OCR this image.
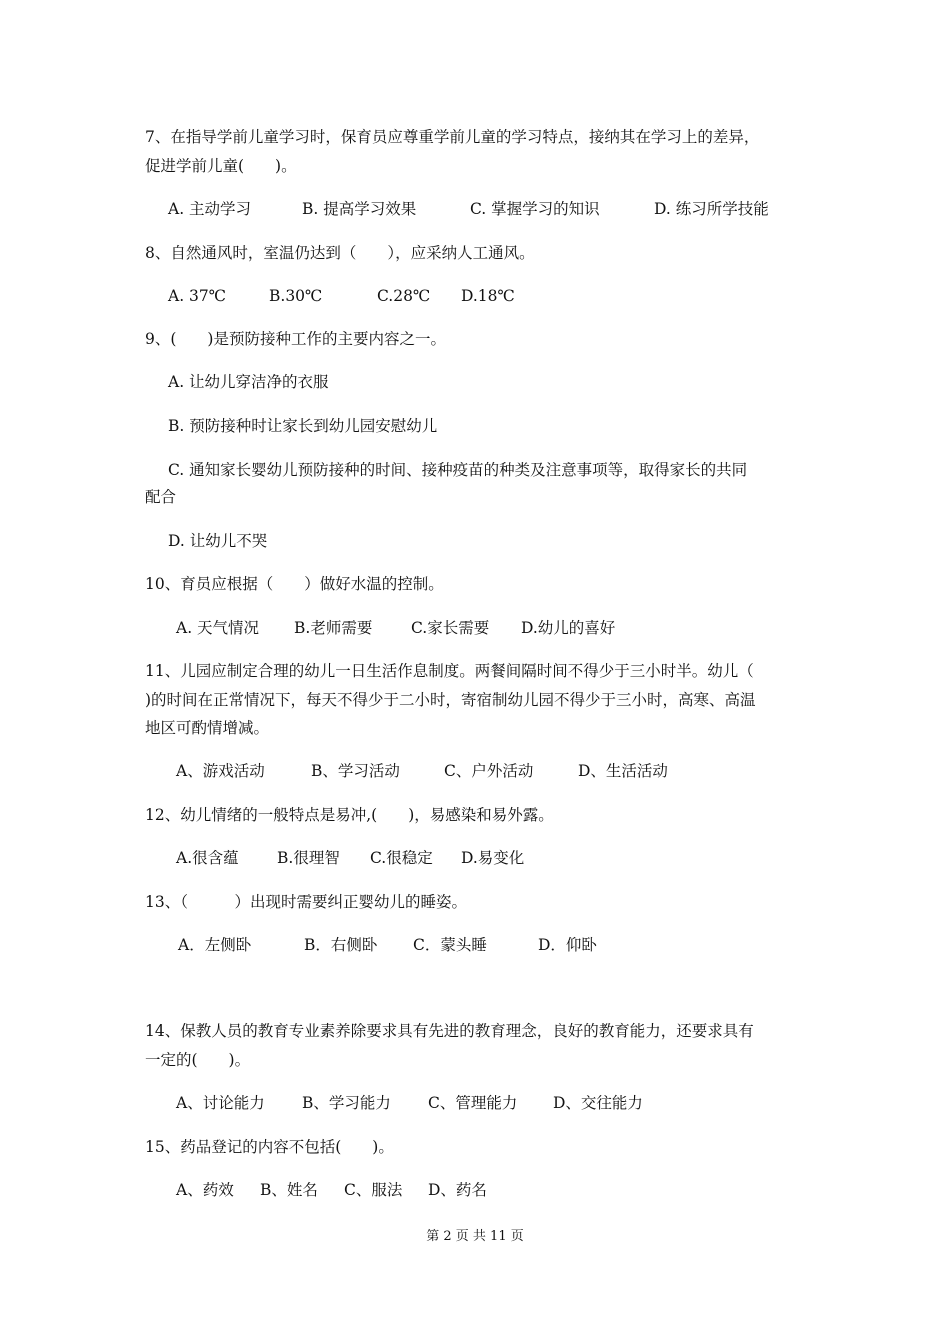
7、在指导学前儿童学习时，保育员应尊重学前儿童的学习特点，接纳其在学习上的差异，
促进学前儿童(　　)。

A. 主动学习

	B. 提高学习效果

	C. 掌握学习的知识

	D. 练习所学技能

8、自然通风时，室温仍达到（　　），应采纳人工通风。

A. 37℃

	B.30℃

	C.28℃

D.18℃

9、(　　)是预防接种工作的主要内容之一。
A. 让幼儿穿洁净的衣服
B. 预防接种时让家长到幼儿园安慰幼儿
C. 通知家长婴幼儿预防接种的时间、接种疫苗的种类及注意事项等，取得家长的共同
配合
D. 让幼儿不哭
10、育员应根据（　　）做好水温的控制。

A. 天气情况

B.老师需要

C.家长需要

D.幼儿的喜好

11、儿园应制定合理的幼儿一日生活作息制度。两餐间隔时间不得少于三小时半。幼儿（
)的时间在正常情况下，每天不得少于二小时，寄宿制幼儿园不得少于三小时，高寒、高温
地区可酌情增减。

A、游戏活动

	B、学习活动

	C、户外活动

	D、生活活动

12、幼儿情绪的一般特点是易冲,(　　)，易感染和易外露。

A.很含蕴

B.很理智

C.很稳定

D.易变化

13、（　　　）出现时需要纠正婴幼儿的睡姿。

A．左侧卧

	B．右侧卧

C．蒙头睡

	D．仰卧

14、保教人员的教育专业素养除要求具有先进的教育理念，良好的教育能力，还要求具有
一定的(　　)。

A、讨论能力

B、学习能力

C、管理能力

D、交往能力

15、药品登记的内容不包括(　　)。

A、药效

B、姓名

C、服法

D、药名

第 2 页 共 11 页
